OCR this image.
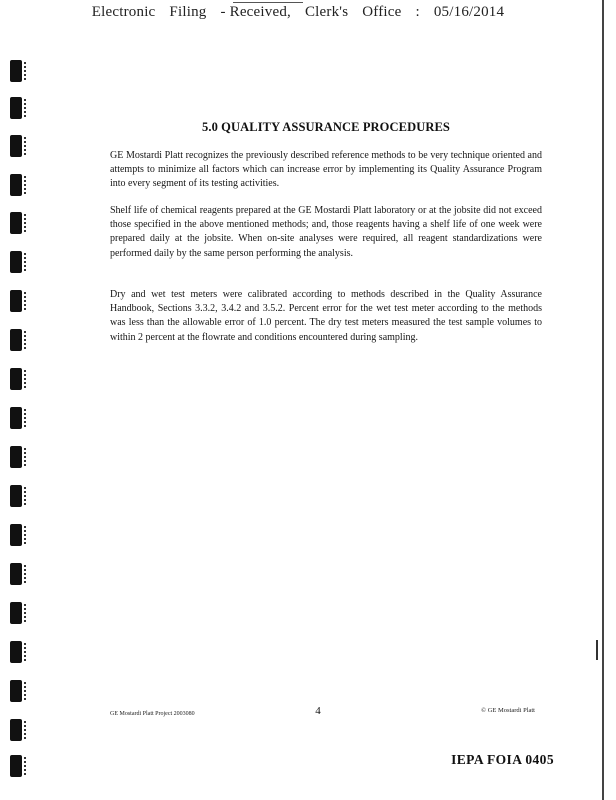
Electronic Filing - Received, Clerk's Office : 05/16/2014
5.0 QUALITY ASSURANCE PROCEDURES

GE Mostardi Platt recognizes the previously described reference methods to be very technique oriented and attempts to minimize all factors which can increase error by implementing its Quality Assurance Program into every segment of its testing activities.

Shelf life of chemical reagents prepared at the GE Mostardi Platt laboratory or at the jobsite did not exceed those specified in the above mentioned methods; and, those reagents having a shelf life of one week were prepared daily at the jobsite. When on-site analyses were required, all reagent standardizations were performed daily by the same person performing the analysis.

Dry and wet test meters were calibrated according to methods described in the Quality Assurance Handbook, Sections 3.3.2, 3.4.2 and 3.5.2. Percent error for the wet test meter according to the methods was less than the allowable error of 1.0 percent. The dry test meters measured the test sample volumes to within 2 percent at the flowrate and conditions encountered during sampling.

GE Mostardi Platt Project 2003080	4	© GE Mostardi Platt
IEPA FOIA 0405
